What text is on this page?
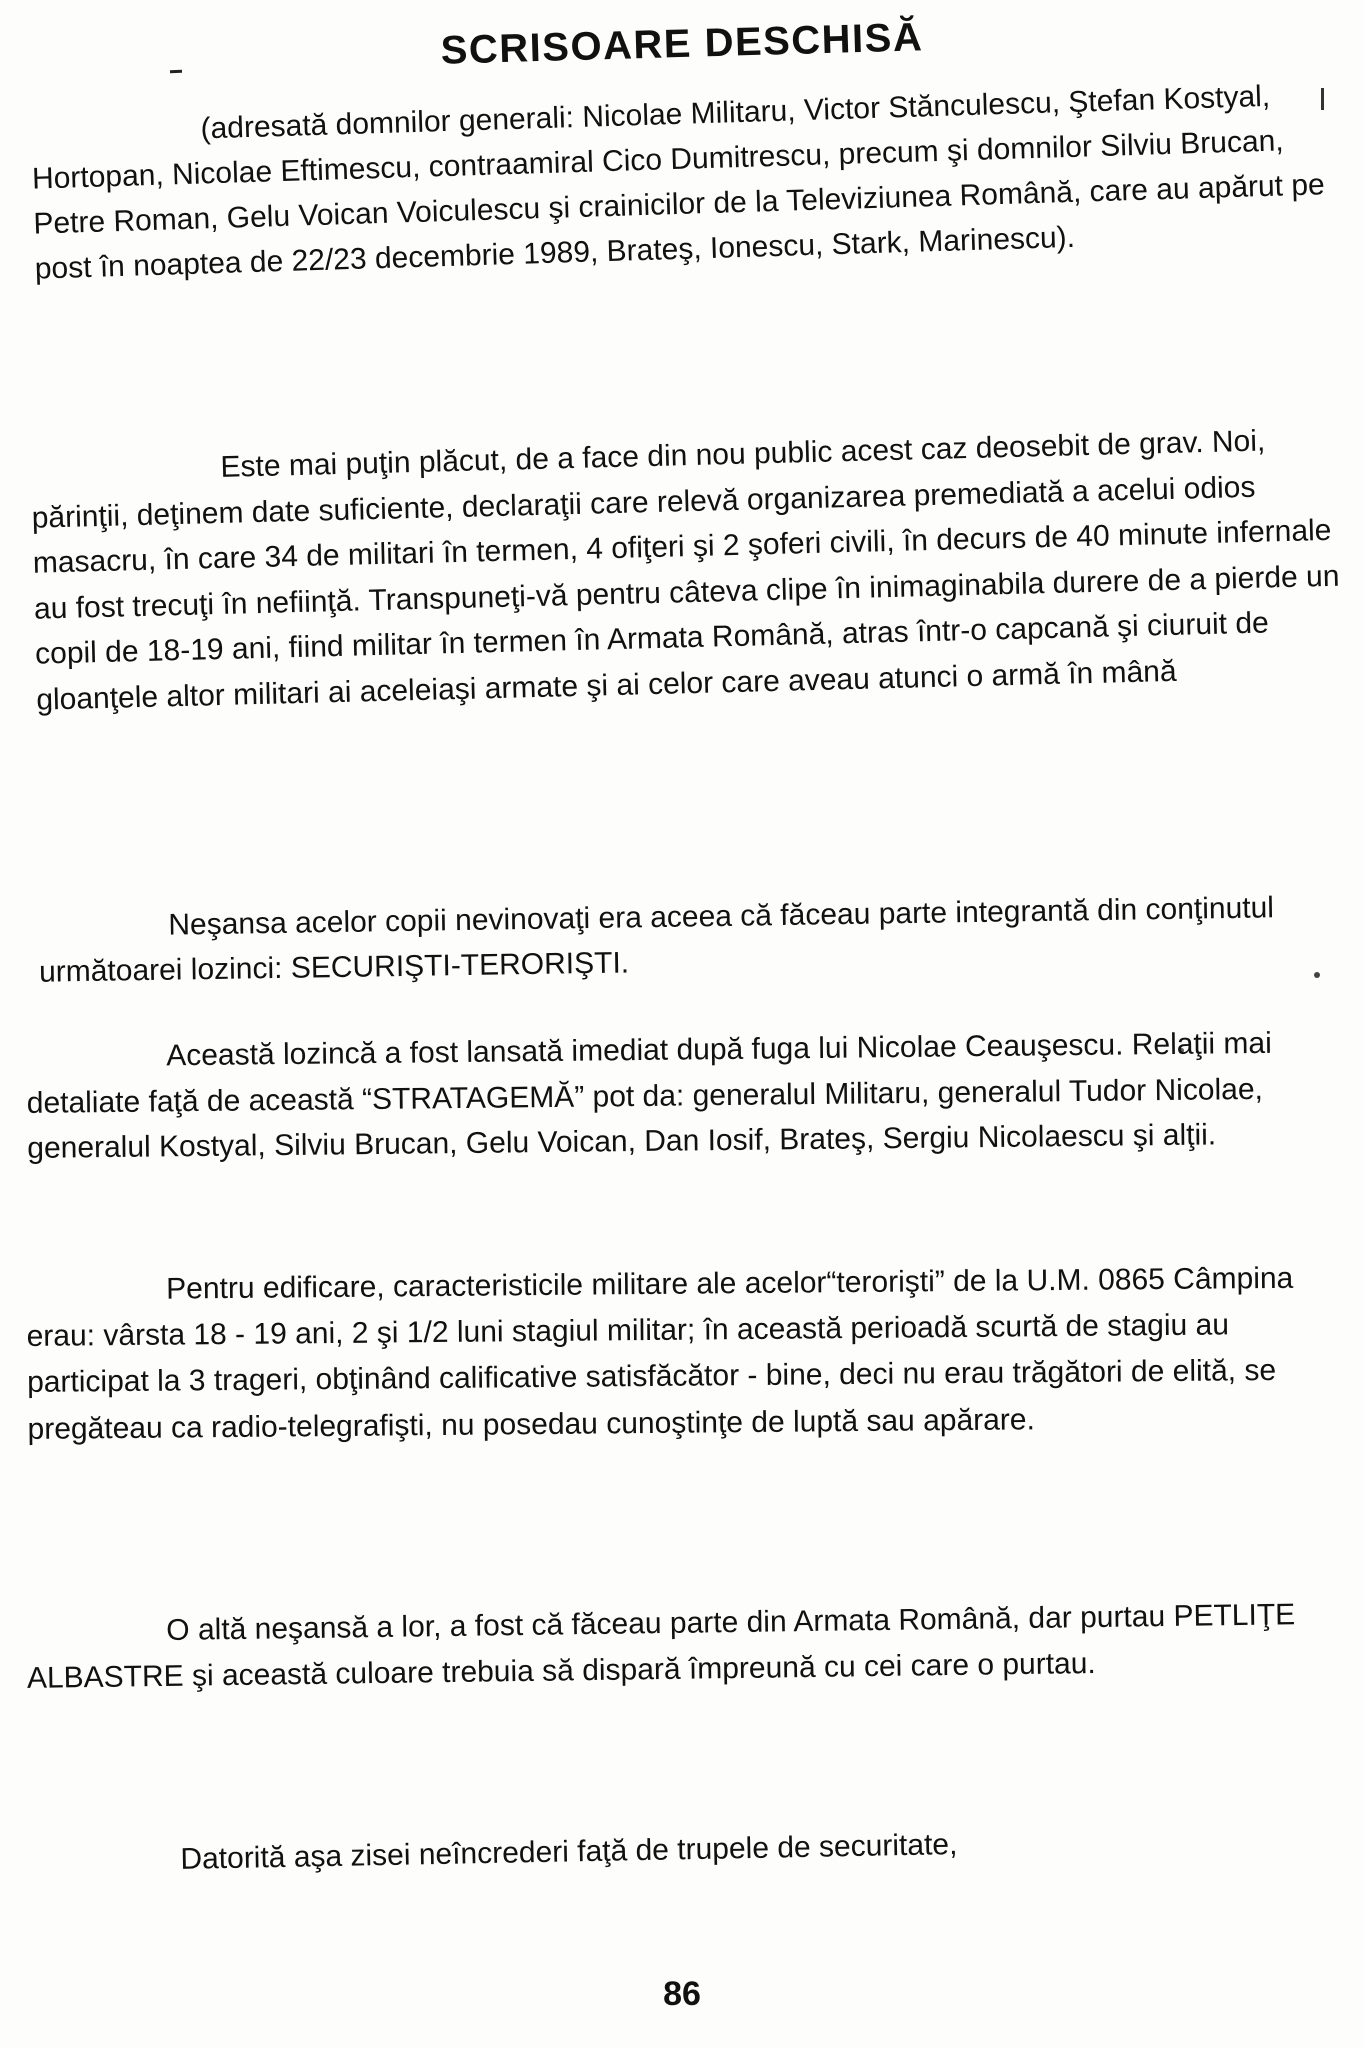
SCRISOARE DESCHISĂ
(adresată domnilor generali: Nicolae Militaru, Victor Stănculescu, Ştefan Kostyal, Hortopan, Nicolae Eftimescu, contraamiral Cico Dumitrescu, precum şi domnilor Silviu Brucan, Petre Roman, Gelu Voican Voiculescu şi crainicilor de la Televiziunea Română, care au apărut pe post în noaptea de 22/23 decembrie 1989, Brateş, Ionescu, Stark, Marinescu).
Este mai puţin plăcut, de a face din nou public acest caz deosebit de grav. Noi, părinţii, deţinem date suficiente, declaraţii care relevă organizarea premediată a acelui odios masacru, în care 34 de militari în termen, 4 ofiţeri şi 2 şoferi civili, în decurs de 40 minute infernale au fost trecuţi în nefiinţă. Transpuneţi-vă pentru câteva clipe în inimaginabila durere de a pierde un copil de 18-19 ani, fiind militar în termen în Armata Română, atras într-o capcană şi ciuruit de gloanţele altor militari ai aceleiaşi armate şi ai celor care aveau atunci o armă în mână
Neşansa acelor copii nevinovaţi era aceea că făceau parte integrantă din conţinutul următoarei lozinci: SECURIŞTI-TERORIŞTI.
Această lozincă a fost lansată imediat după fuga lui Nicolae Ceauşescu. Relaţii mai detaliate faţă de această “STRATAGEMĂ” pot da: generalul Militaru, generalul Tudor Nicolae, generalul Kostyal, Silviu Brucan, Gelu Voican, Dan Iosif, Brateş, Sergiu Nicolaescu şi alţii.
Pentru edificare, caracteristicile militare ale acelor“terorişti” de la U.M. 0865 Câmpina erau: vârsta 18 - 19 ani, 2 şi 1/2 luni stagiul militar; în această perioadă scurtă de stagiu au participat la 3 trageri, obţinând calificative satisfăcător - bine, deci nu erau trăgători de elită, se pregăteau ca radio-telegrafişti, nu posedau cunoştinţe de luptă sau apărare.
O altă neşansă a lor, a fost că făceau parte din Armata Română, dar purtau PETLIŢE ALBASTRE şi această culoare trebuia să dispară împreună cu cei care o purtau.
Datorită aşa zisei neîncrederi faţă de trupele de securitate,
86
